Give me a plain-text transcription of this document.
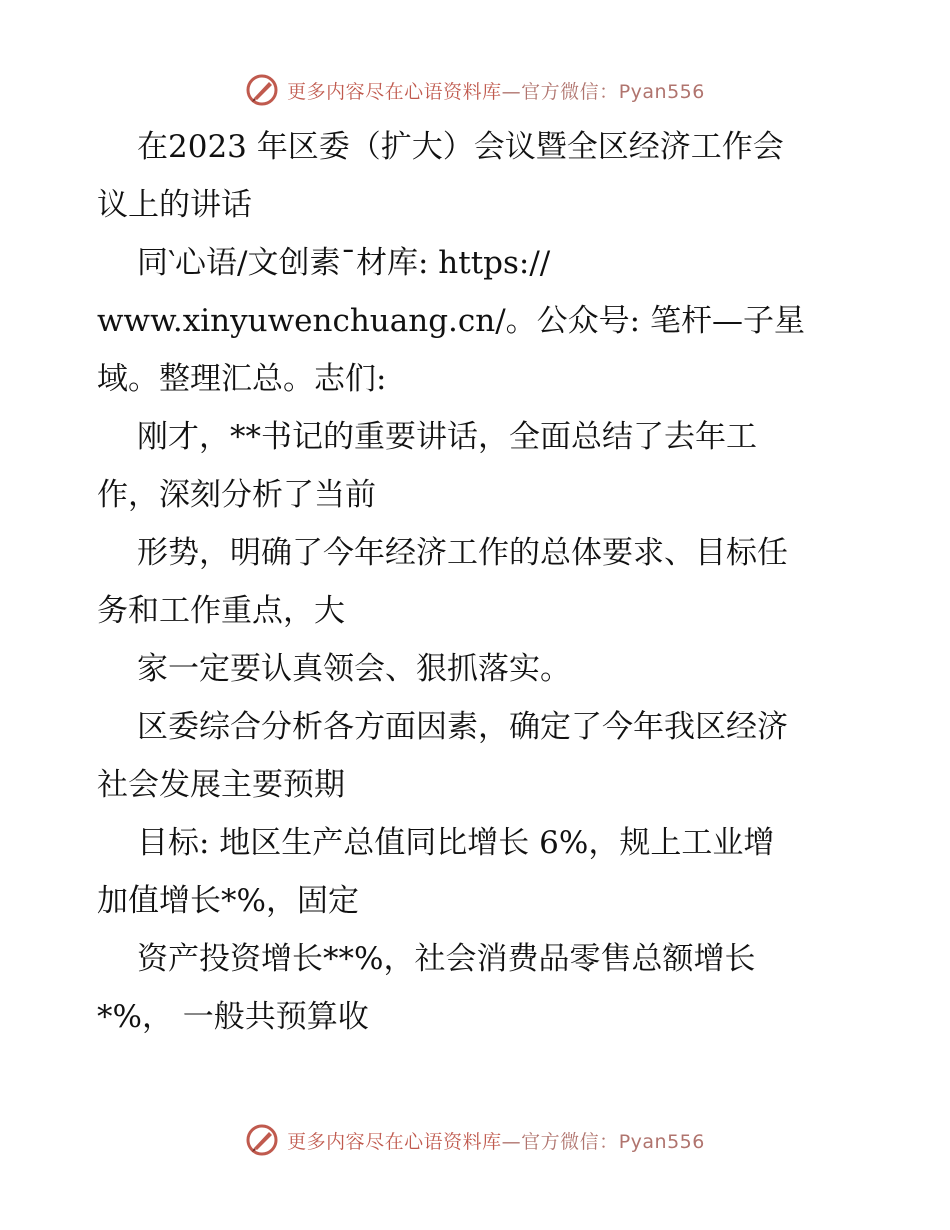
更多内容尽在心语资料库—官方微信：Pyan556
在2023 年区委（扩大）会议暨全区经济工作会
议上的讲话
同‵心语/文创素¯材库: https://
www.xinyuwenchuang.cn/。公众号: 笔杆—子星
域。整理汇总。志们:
刚才，**书记的重要讲话，全面总结了去年工
作，深刻分析了当前
形势，明确了今年经济工作的总体要求、目标任
务和工作重点，大
家一定要认真领会、狠抓落实。
区委综合分析各方面因素，确定了今年我区经济
社会发展主要预期
目标: 地区生产总值同比增长 6%，规上工业增
加值增长*%，固定
资产投资增长**%，社会消费品零售总额增长
*%， 一般共预算收
更多内容尽在心语资料库—官方微信：Pyan556
